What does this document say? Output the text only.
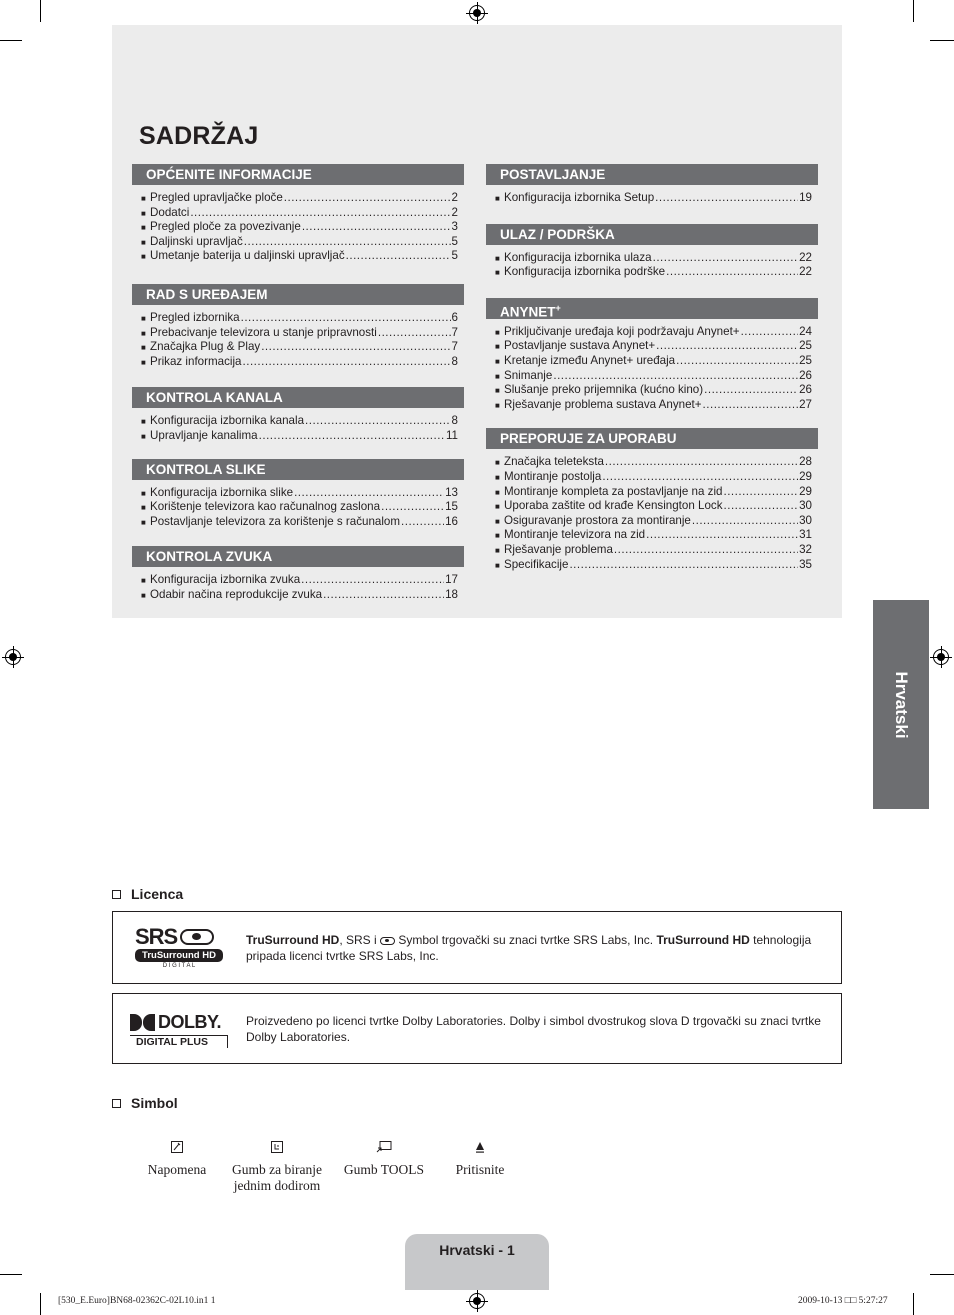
SADRŽAJ
OPĆENITE INFORMACIJE
■ Pregled upravljačke ploče .....	2
■ Dodatci .....	2
■ Pregled ploče za povezivanje .....	3
■ Daljinski upravljač .....	5
■ Umetanje baterija u daljinski upravljač .....	5
RAD S UREĐAJEM
■ Pregled izbornika .....	6
■ Prebacivanje televizora u stanje pripravnosti .....	7
■ Značajka Plug & Play .....	7
■ Prikaz informacija .....	8
KONTROLA KANALA
■ Konfiguracija izbornika kanala .....	8
■ Upravljanje kanalima .....	11
KONTROLA SLIKE
■ Konfiguracija izbornika slike .....	13
■ Korištenje televizora kao računalnog zaslona .....	15
■ Postavljanje televizora za korištenje s računalom .....	16
KONTROLA ZVUKA
■ Konfiguracija izbornika zvuka .....	17
■ Odabir načina reprodukcije zvuka .....	18
POSTAVLJANJE
■ Konfiguracija izbornika Setup .....	19
ULAZ / PODRŠKA
■ Konfiguracija izbornika ulaza .....	22
■ Konfiguracija izbornika podrške .....	22
ANYNET+
■ Priključivanje uređaja koji podržavaju Anynet+ .....	24
■ Postavljanje sustava Anynet+ .....	25
■ Kretanje između Anynet+ uređaja .....	25
■ Snimanje .....	26
■ Slušanje preko prijemnika (kućno kino) .....	26
■ Rješavanje problema sustava Anynet+ .....	27
PREPORUJE ZA UPORABU
■ Značajka teleteksta .....	28
■ Montiranje postolja .....	29
■ Montiranje kompleta za postavljanje na zid .....	29
■ Uporaba zaštite od krađe Kensington Lock .....	30
■ Osiguravanje prostora za montiranje .....	30
■ Montiranje televizora na zid .....	31
■ Rješavanje problema .....	32
■ Specifikacije .....	35
Hrvatski
Licenca
SRS
TruSurround HD
D I G I T A L
TruSurround HD, SRS i
Symbol trgovački su znaci tvrtke SRS Labs, Inc. TruSurround HD tehnologija pripada licenci tvrtke SRS Labs, Inc.
DOLBY.
DIGITAL PLUS
Proizvedeno po licenci tvrtke Dolby Laboratories. Dolby i simbol dvostrukog slova D trgovački su znaci tvrtke Dolby Laboratories.
Simbol
Napomena	Gumb za biranje jednim dodirom
Gumb TOOLS	Pritisnite
Hrvatski - 1
[530_E.Euro]BN68-02362C-02L10.in1 1	2009-10-13 □□ 5:27:27
